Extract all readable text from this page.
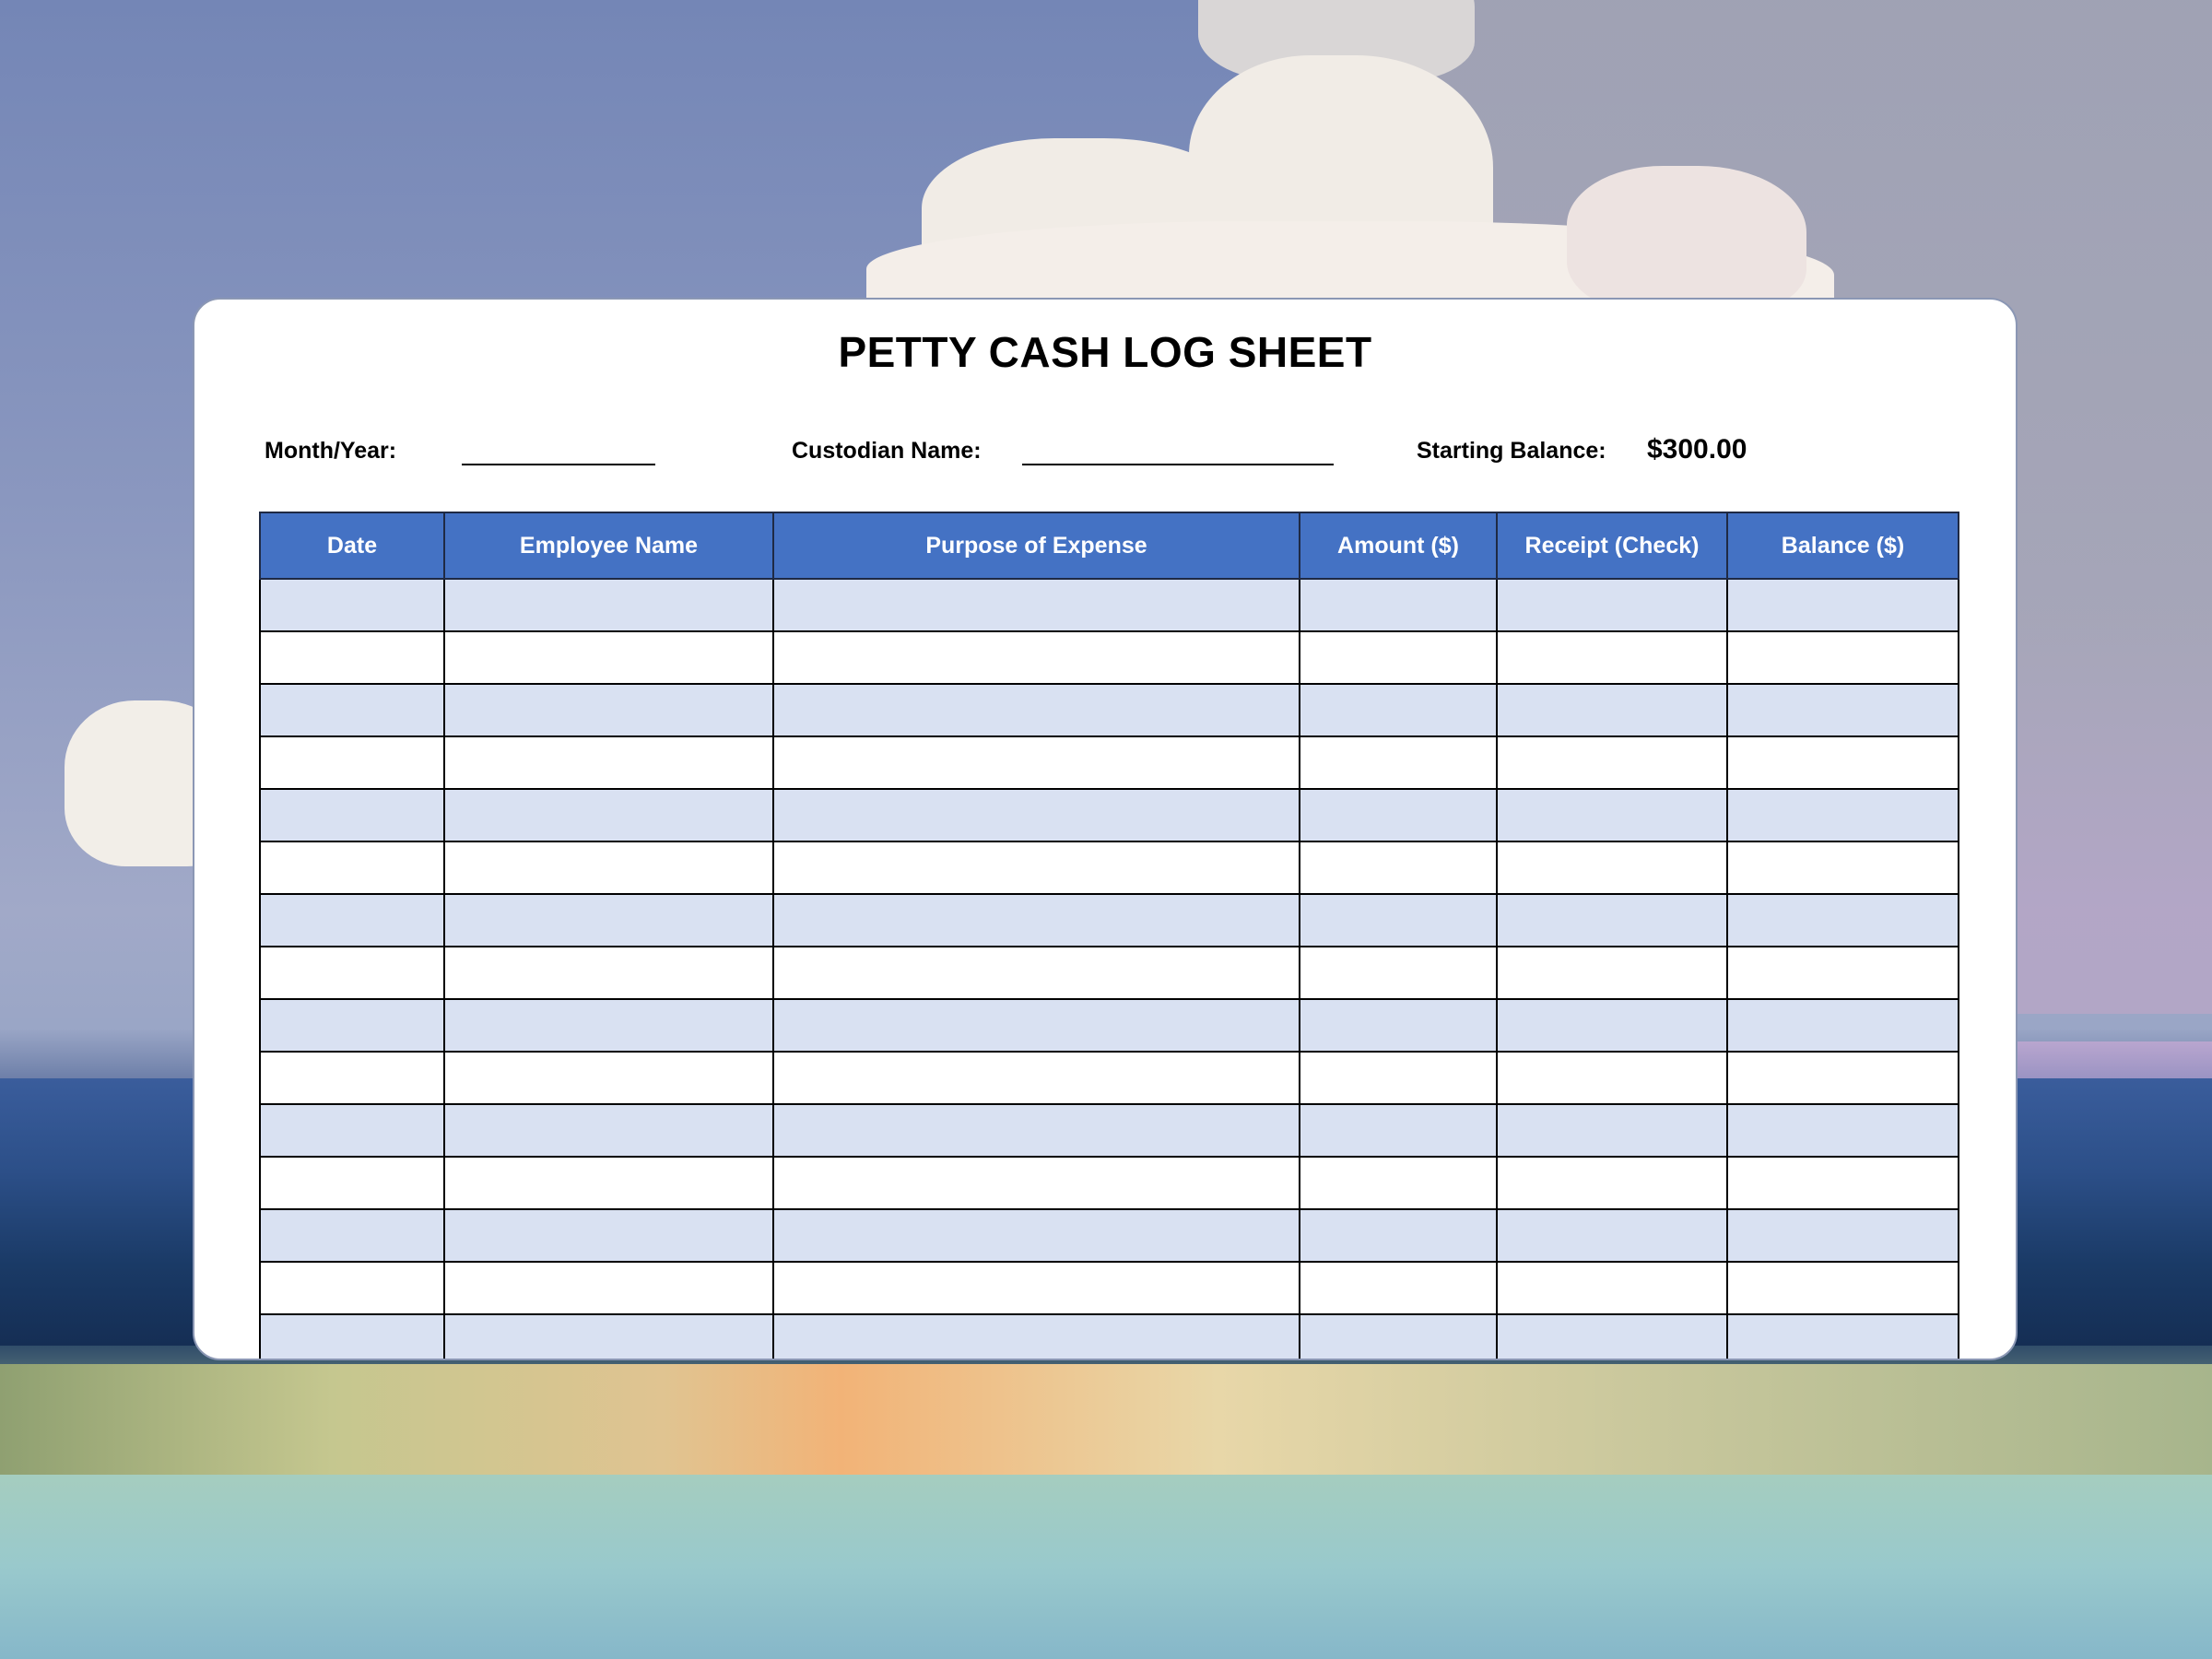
PETTY CASH LOG SHEET
Month/Year:	Custodian Name:	Starting Balance: $300.00
Date	Employee Name	Purpose of Expense	Amount ($)	Receipt (Check)	Balance ($)
